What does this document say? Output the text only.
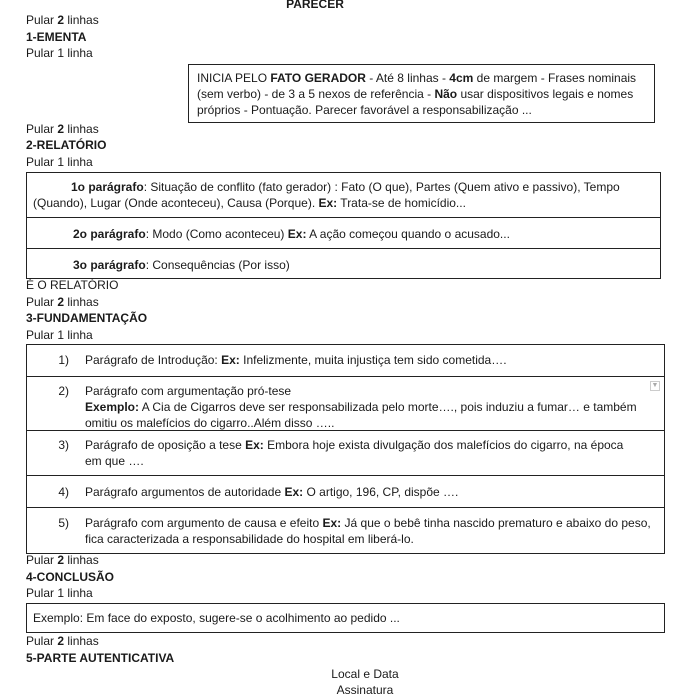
PARECER
Pular 2 linhas
1-EMENTA
Pular 1 linha
INICIA PELO FATO GERADOR - Até 8 linhas - 4cm de margem - Frases nominais
(sem verbo) - de 3 a 5 nexos de referência - Não usar dispositivos legais e nomes
próprios - Pontuação. Parecer favorável a responsabilização ...
Pular 2 linhas
2-RELATÓRIO
Pular 1 linha
1o parágrafo: Situação de conflito (fato gerador) : Fato (O que), Partes (Quem ativo e passivo), Tempo
(Quando), Lugar (Onde aconteceu), Causa (Porque). Ex: Trata-se de homicídio...
2o parágrafo: Modo (Como aconteceu) Ex: A ação começou quando o acusado...
3o parágrafo: Consequências (Por isso)
É O RELATÓRIO
Pular 2 linhas
3-FUNDAMENTAÇÃO
Pular 1 linha
1) Parágrafo de Introdução: Ex: Infelizmente, muita injustiça tem sido cometida….
2) Parágrafo com argumentação pró-tese
Exemplo: A Cia de Cigarros deve ser responsabilizada pelo morte…., pois induziu a fumar… e também
omitiu os malefícios do cigarro..Além disso …..
▼
3) Parágrafo de oposição a tese Ex: Embora hoje exista divulgação dos malefícios do cigarro, na época
em que ….
4) Parágrafo argumentos de autoridade Ex: O artigo, 196, CP, dispõe ….
5) Parágrafo com argumento de causa e efeito Ex: Já que o bebê tinha nascido prematuro e abaixo do peso,
fica caracterizada a responsabilidade do hospital em liberá-lo.
Pular 2 linhas
4-CONCLUSÃO
Pular 1 linha
Exemplo: Em face do exposto, sugere-se o acolhimento ao pedido ...
Pular 2 linhas
5-PARTE AUTENTICATIVA
Local e Data
Assinatura
